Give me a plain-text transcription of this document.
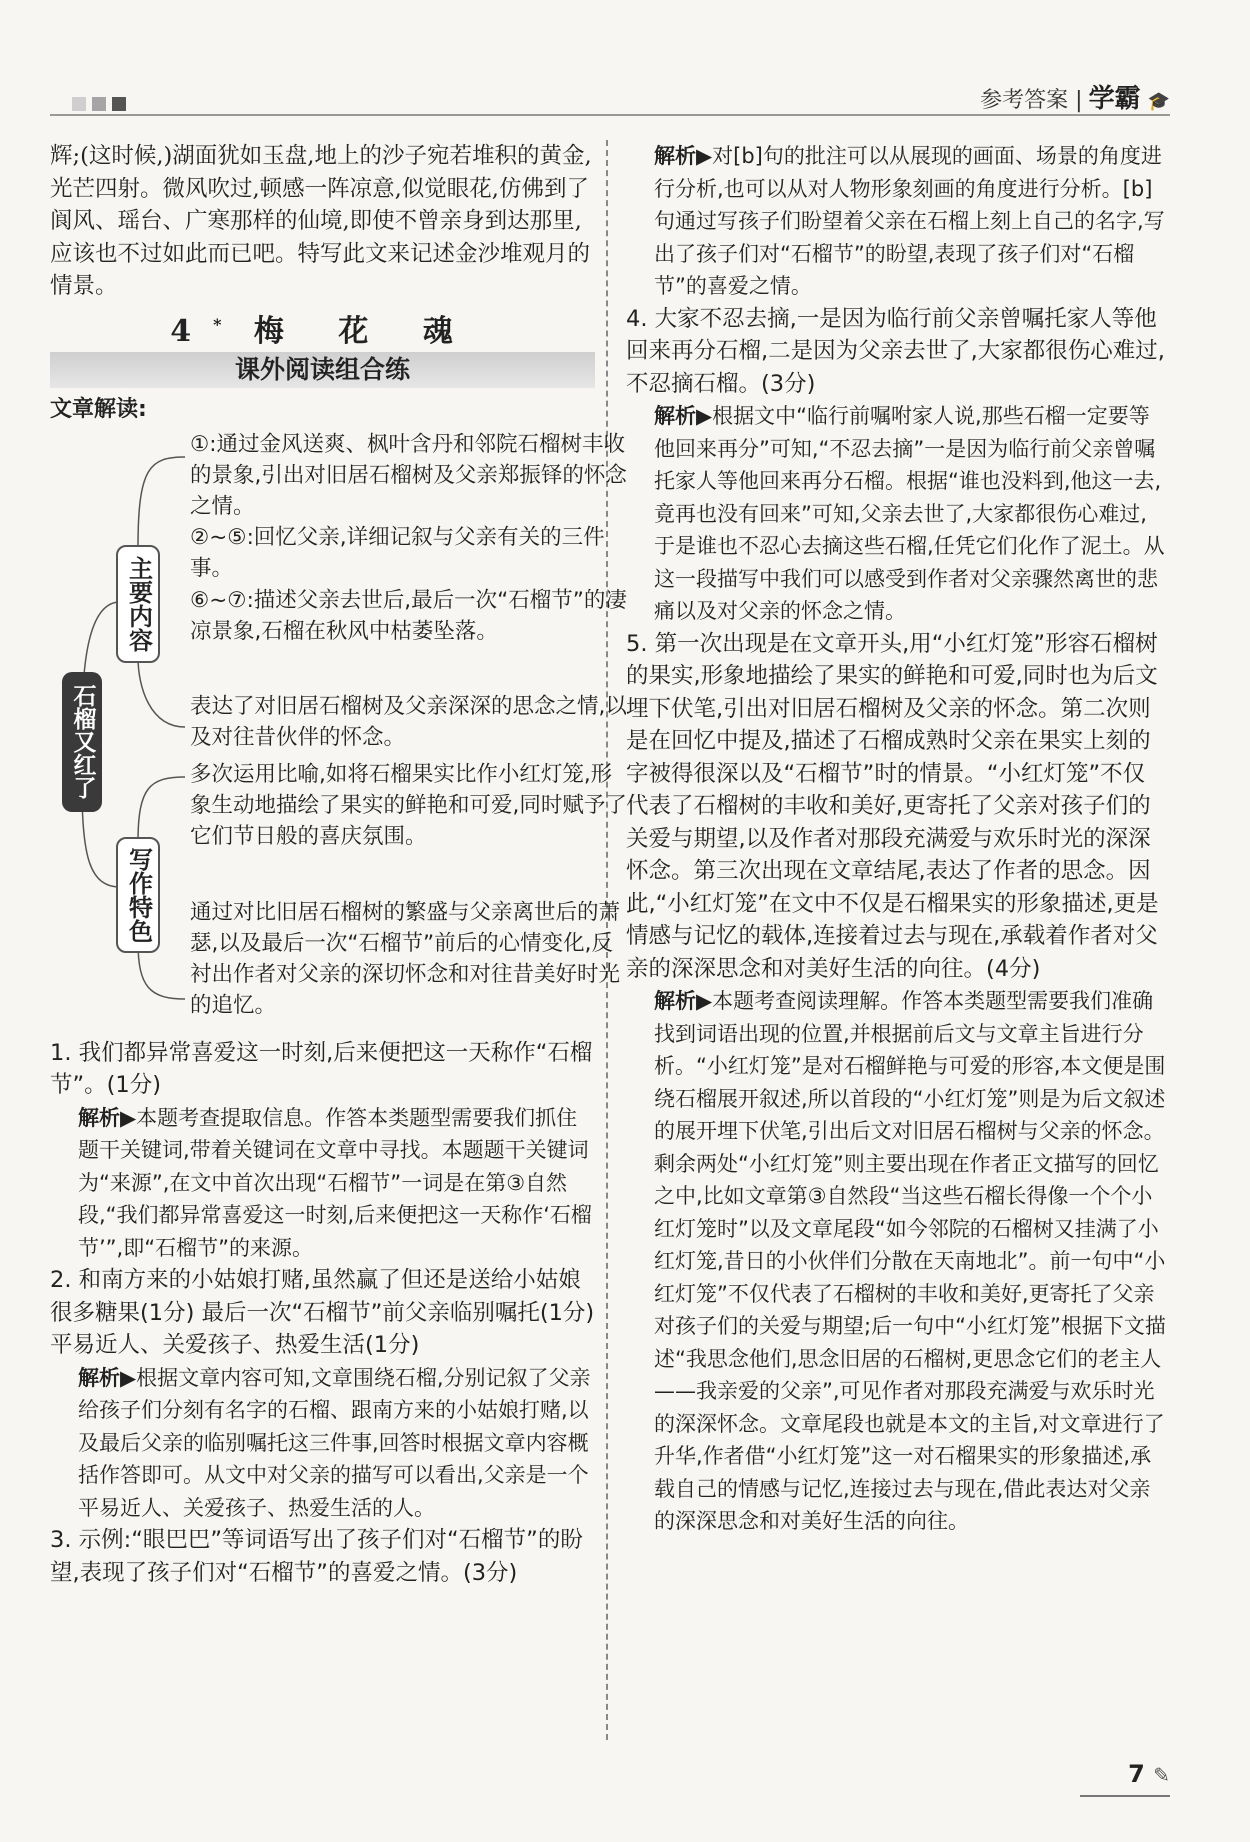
参考答案 | 学霸 🎓

辉;(这时候,)湖面犹如玉盘,地上的沙子宛若堆积的黄金,光芒四射。微风吹过,顿感一阵凉意,似觉眼花,仿佛到了阆风、瑶台、广寒那样的仙境,即使不曾亲身到达那里,应该也不过如此而已吧。特写此文来记述金沙堆观月的情景。

4* 梅 花 魂

课外阅读组合练

文章解读:

石榴又红了
主要内容
写作特色
①:通过金风送爽、枫叶含丹和邻院石榴树丰收的景象,引出对旧居石榴树及父亲郑振铎的怀念之情。
②~⑤:回忆父亲,详细记叙与父亲有关的三件事。
⑥~⑦:描述父亲去世后,最后一次“石榴节”的凄凉景象,石榴在秋风中枯萎坠落。
表达了对旧居石榴树及父亲深深的思念之情,以及对往昔伙伴的怀念。
多次运用比喻,如将石榴果实比作小红灯笼,形象生动地描绘了果实的鲜艳和可爱,同时赋予了它们节日般的喜庆氛围。
通过对比旧居石榴树的繁盛与父亲离世后的萧瑟,以及最后一次“石榴节”前后的心情变化,反衬出作者对父亲的深切怀念和对往昔美好时光的追忆。

1. 我们都异常喜爱这一时刻,后来便把这一天称作“石榴节”。(1分)

解析▶本题考查提取信息。作答本类题型需要我们抓住题干关键词,带着关键词在文章中寻找。本题题干关键词为“来源”,在文中首次出现“石榴节”一词是在第③自然段,“我们都异常喜爱这一时刻,后来便把这一天称作‘石榴节’”,即“石榴节”的来源。

2. 和南方来的小姑娘打赌,虽然赢了但还是送给小姑娘很多糖果(1分) 最后一次“石榴节”前父亲临别嘱托(1分) 平易近人、关爱孩子、热爱生活(1分)

解析▶根据文章内容可知,文章围绕石榴,分别记叙了父亲给孩子们分刻有名字的石榴、跟南方来的小姑娘打赌,以及最后父亲的临别嘱托这三件事,回答时根据文章内容概括作答即可。从文中对父亲的描写可以看出,父亲是一个平易近人、关爱孩子、热爱生活的人。

3. 示例:“眼巴巴”等词语写出了孩子们对“石榴节”的盼望,表现了孩子们对“石榴节”的喜爱之情。(3分)

解析▶对[b]句的批注可以从展现的画面、场景的角度进行分析,也可以从对人物形象刻画的角度进行分析。[b]句通过写孩子们盼望着父亲在石榴上刻上自己的名字,写出了孩子们对“石榴节”的盼望,表现了孩子们对“石榴节”的喜爱之情。

4. 大家不忍去摘,一是因为临行前父亲曾嘱托家人等他回来再分石榴,二是因为父亲去世了,大家都很伤心难过,不忍摘石榴。(3分)

解析▶根据文中“临行前嘱咐家人说,那些石榴一定要等他回来再分”可知,“不忍去摘”一是因为临行前父亲曾嘱托家人等他回来再分石榴。根据“谁也没料到,他这一去,竟再也没有回来”可知,父亲去世了,大家都很伤心难过,于是谁也不忍心去摘这些石榴,任凭它们化作了泥土。从这一段描写中我们可以感受到作者对父亲骤然离世的悲痛以及对父亲的怀念之情。

5. 第一次出现是在文章开头,用“小红灯笼”形容石榴树的果实,形象地描绘了果实的鲜艳和可爱,同时也为后文埋下伏笔,引出对旧居石榴树及父亲的怀念。第二次则是在回忆中提及,描述了石榴成熟时父亲在果实上刻的字被得很深以及“石榴节”时的情景。“小红灯笼”不仅代表了石榴树的丰收和美好,更寄托了父亲对孩子们的关爱与期望,以及作者对那段充满爱与欢乐时光的深深怀念。第三次出现在文章结尾,表达了作者的思念。因此,“小红灯笼”在文中不仅是石榴果实的形象描述,更是情感与记忆的载体,连接着过去与现在,承载着作者对父亲的深深思念和对美好生活的向往。(4分)

解析▶本题考查阅读理解。作答本类题型需要我们准确找到词语出现的位置,并根据前后文与文章主旨进行分析。“小红灯笼”是对石榴鲜艳与可爱的形容,本文便是围绕石榴展开叙述,所以首段的“小红灯笼”则是为后文叙述的展开埋下伏笔,引出后文对旧居石榴树与父亲的怀念。剩余两处“小红灯笼”则主要出现在作者正文描写的回忆之中,比如文章第③自然段“当这些石榴长得像一个个小红灯笼时”以及文章尾段“如今邻院的石榴树又挂满了小红灯笼,昔日的小伙伴们分散在天南地北”。前一句中“小红灯笼”不仅代表了石榴树的丰收和美好,更寄托了父亲对孩子们的关爱与期望;后一句中“小红灯笼”根据下文描述“我思念他们,思念旧居的石榴树,更思念它们的老主人——我亲爱的父亲”,可见作者对那段充满爱与欢乐时光的深深怀念。文章尾段也就是本文的主旨,对文章进行了升华,作者借“小红灯笼”这一对石榴果实的形象描述,承载自己的情感与记忆,连接过去与现在,借此表达对父亲的深深思念和对美好生活的向往。

7 ✎
